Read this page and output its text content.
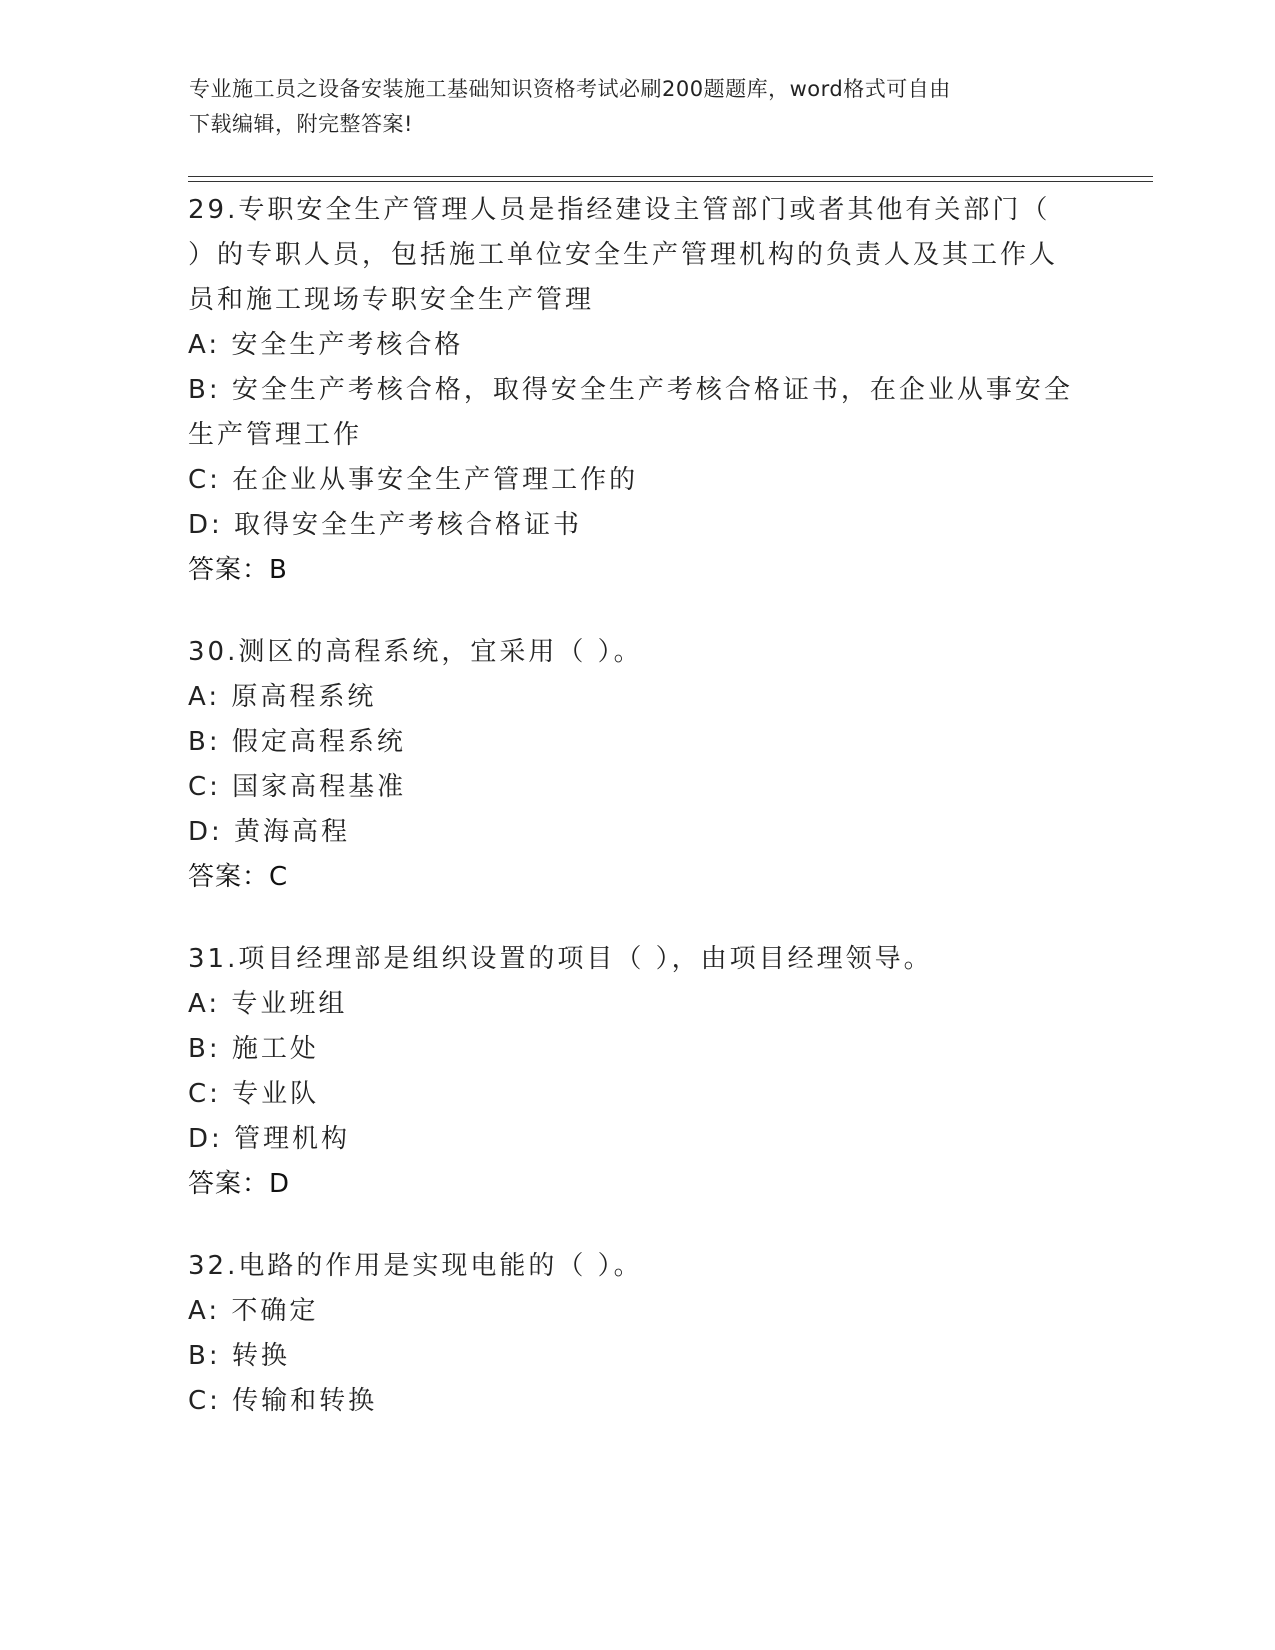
专业施工员之设备安装施工基础知识资格考试必刷200题题库，word格式可自由
下载编辑，附完整答案!
29.专职安全生产管理人员是指经建设主管部门或者其他有关部门（
）的专职人员，包括施工单位安全生产管理机构的负责人及其工作人
员和施工现场专职安全生产管理
A: 安全生产考核合格
B: 安全生产考核合格，取得安全生产考核合格证书，在企业从事安全
生产管理工作
C: 在企业从事安全生产管理工作的
D: 取得安全生产考核合格证书
答案：B
30.测区的高程系统，宜采用（ ）。
A: 原高程系统
B: 假定高程系统
C: 国家高程基准
D: 黄海高程
答案：C
31.项目经理部是组织设置的项目（ ），由项目经理领导。
A: 专业班组
B: 施工处
C: 专业队
D: 管理机构
答案：D
32.电路的作用是实现电能的（ ）。
A: 不确定
B: 转换
C: 传输和转换
